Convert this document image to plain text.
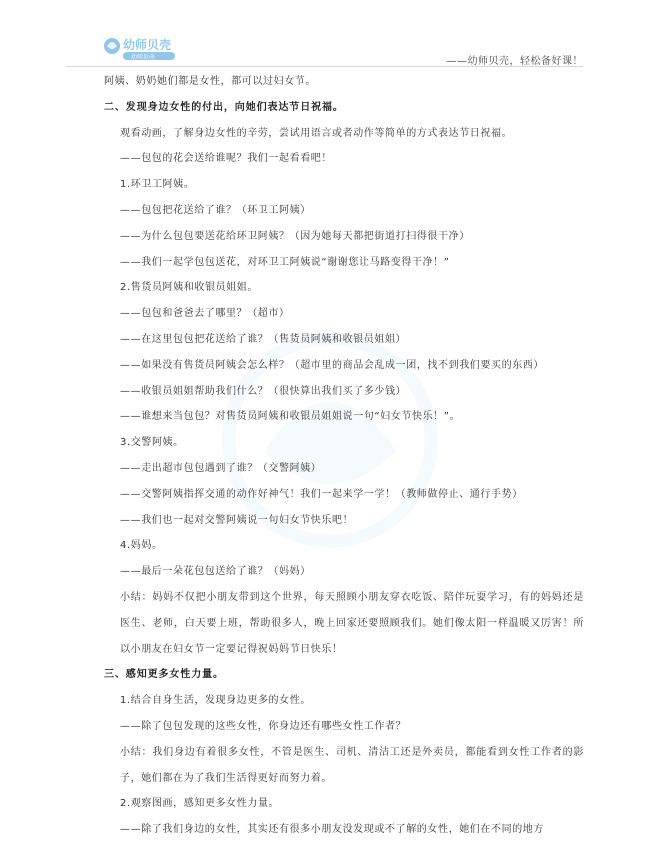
幼师贝壳
幼师贝壳	——幼师贝壳，轻松备好课！
阿姨、奶奶她们都是女性，都可以过妇女节。
二、发现身边女性的付出，向她们表达节日祝福。
观看动画，了解身边女性的辛劳，尝试用语言或者动作等简单的方式表达节日祝福。
——包包的花会送给谁呢？我们一起看看吧！
1.环卫工阿姨。
——包包把花送给了谁？（环卫工阿姨）
——为什么包包要送花给环卫阿姨？（因为她每天都把街道打扫得很干净）
——我们一起学包包送花，对环卫工阿姨说“谢谢您让马路变得干净！”
2.售货员阿姨和收银员姐姐。
——包包和爸爸去了哪里？（超市）
——在这里包包把花送给了谁？（售货员阿姨和收银员姐姐）
——如果没有售货员阿姨会怎么样？（超市里的商品会乱成一团，找不到我们要买的东西）
——收银员姐姐帮助我们什么？（很快算出我们买了多少钱）
——谁想来当包包？对售货员阿姨和收银员姐姐说一句“妇女节快乐！”。
3.交警阿姨。
——走出超市包包遇到了谁？（交警阿姨）
——交警阿姨指挥交通的动作好神气！我们一起来学一学！（教师做停止、通行手势）
——我们也一起对交警阿姨说一句妇女节快乐吧！
4.妈妈。
——最后一朵花包包送给了谁？（妈妈）
小结：妈妈不仅把小朋友带到这个世界，每天照顾小朋友穿衣吃饭、陪伴玩耍学习，有的妈妈还是医生、老师，白天要上班，帮助很多人，晚上回家还要照顾我们。她们像太阳一样温暖又厉害！所以小朋友在妇女节一定要记得祝妈妈节日快乐！
三、感知更多女性力量。
1.结合自身生活，发现身边更多的女性。
——除了包包发现的这些女性，你身边还有哪些女性工作者？
小结：我们身边有着很多女性，不管是医生、司机、清洁工还是外卖员，都能看到女性工作者的影子，她们都在为了我们生活得更好而努力着。
2.观察图画，感知更多女性力量。
——除了我们身边的女性，其实还有很多小朋友没发现或不了解的女性，她们在不同的地方
